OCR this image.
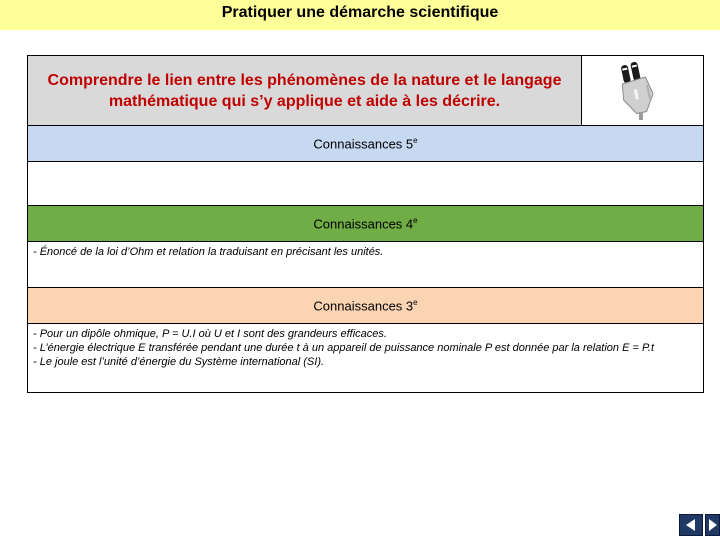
Pratiquer une démarche scientifique
Comprendre le lien entre les phénomènes de la nature et le langage mathématique qui s’y applique et aide à les décrire.
Connaissances 5e
Connaissances 4e

- Énoncé de la loi d’Ohm et relation la traduisant en précisant les unités.

Connaissances 3e

- Pour un dipôle ohmique, P = U.I où U et I sont des grandeurs efficaces.

- L’énergie électrique E transférée pendant une durée t à un appareil de puissance nominale P est donnée par la relation E = P.t

- Le joule est l’unité d’énergie du Système international (SI).
